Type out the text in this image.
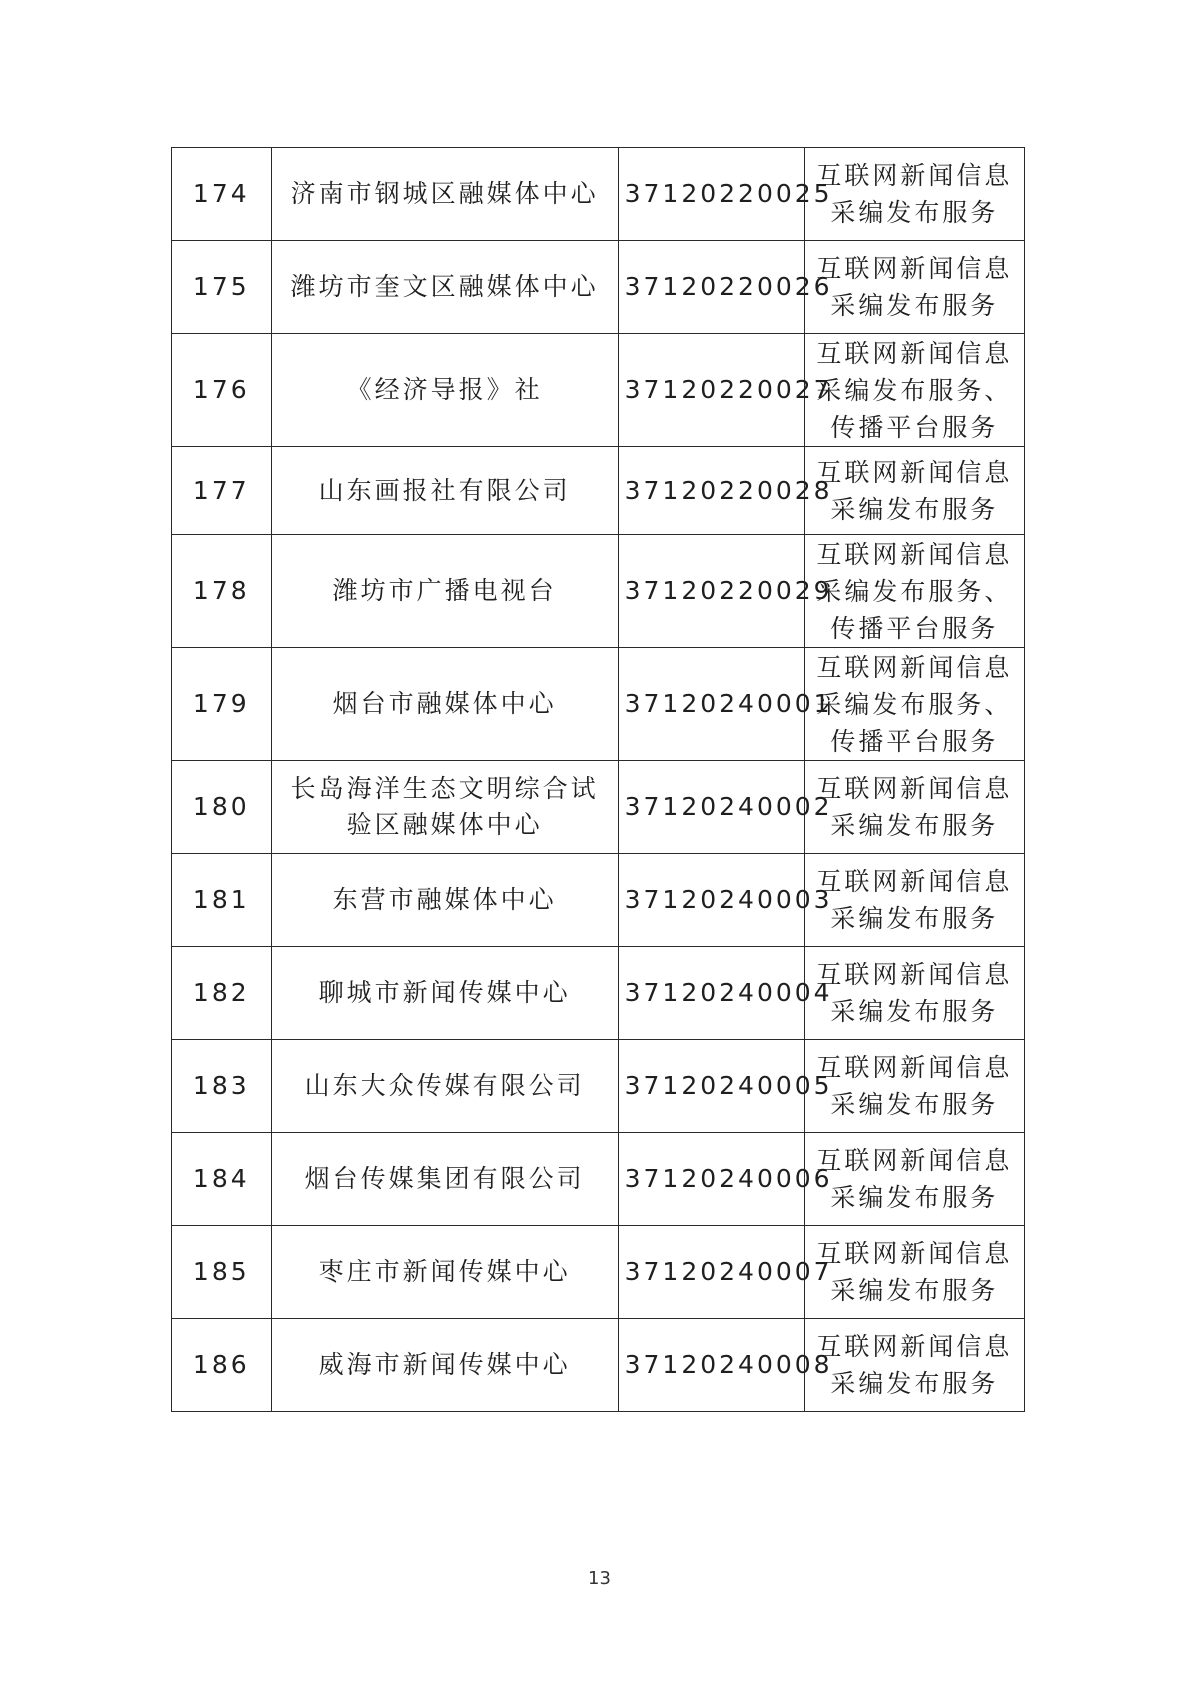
174	济南市钢城区融媒体中心	37120220025	互联网新闻信息
采编发布服务

175	潍坊市奎文区融媒体中心	37120220026	互联网新闻信息
采编发布服务

176	《经济导报》社	37120220027	互联网新闻信息
采编发布服务、
传播平台服务

177	山东画报社有限公司	37120220028	互联网新闻信息
采编发布服务

178	潍坊市广播电视台	37120220029	互联网新闻信息
采编发布服务、
传播平台服务

179	烟台市融媒体中心	37120240001	互联网新闻信息
采编发布服务、
传播平台服务

180	长岛海洋生态文明综合试验区融媒体中心	37120240002	互联网新闻信息
采编发布服务

181	东营市融媒体中心	37120240003	互联网新闻信息
采编发布服务

182	聊城市新闻传媒中心	37120240004	互联网新闻信息
采编发布服务

183	山东大众传媒有限公司	37120240005	互联网新闻信息
采编发布服务

184	烟台传媒集团有限公司	37120240006	互联网新闻信息
采编发布服务

185	枣庄市新闻传媒中心	37120240007	互联网新闻信息
采编发布服务

186	威海市新闻传媒中心	37120240008	互联网新闻信息
采编发布服务
13
